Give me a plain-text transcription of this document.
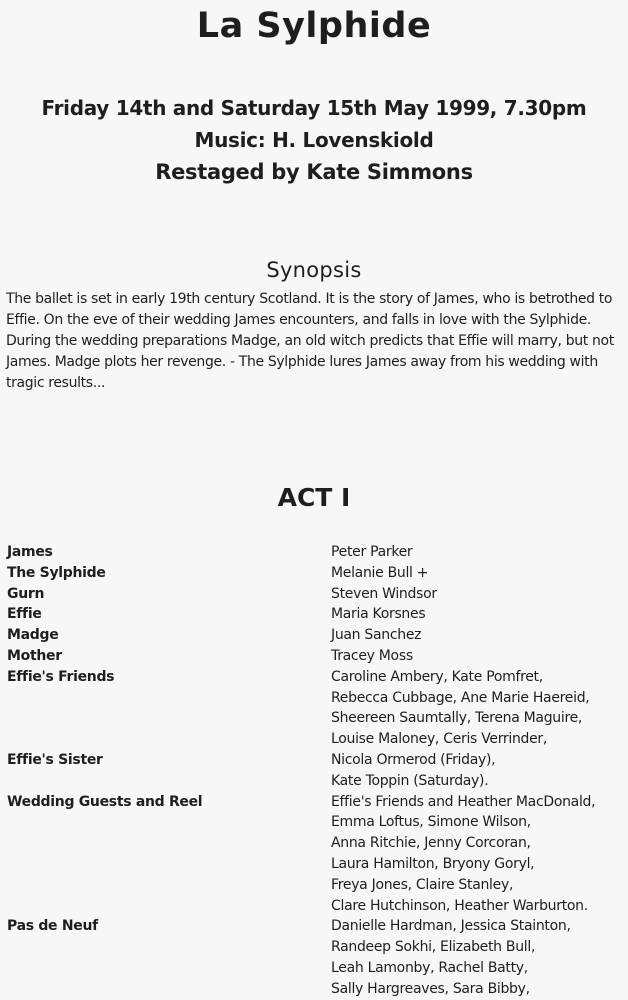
La Sylphide
Friday 14th and Saturday 15th May 1999, 7.30pm
Music: H. Lovenskiold
Restaged by Kate Simmons
Synopsis

The ballet is set in early 19th century Scotland. It is the story of James, who is betrothed to Effie. On the eve of their wedding James encounters, and falls in love with the Sylphide. During the wedding preparations Madge, an old witch predicts that Effie will marry, but not James. Madge plots her revenge. - The Sylphide lures James away from his wedding with tragic results...

ACT I
James	Peter Parker
The Sylphide	Melanie Bull +
Gurn	Steven Windsor
Effie	Maria Korsnes
Madge	Juan Sanchez
Mother	Tracey Moss
Effie's Friends	Caroline Ambery, Kate Pomfret,
Rebecca Cubbage, Ane Marie Haereid,
Sheereen Saumtally, Terena Maguire,
Louise Maloney, Ceris Verrinder,
Effie's Sister	Nicola Ormerod (Friday),
Kate Toppin (Saturday).
Wedding Guests and Reel	Effie's Friends and Heather MacDonald,
Emma Loftus, Simone Wilson,
Anna Ritchie, Jenny Corcoran,
Laura Hamilton, Bryony Goryl,
Freya Jones, Claire Stanley,
Clare Hutchinson, Heather Warburton.
Pas de Neuf	Danielle Hardman, Jessica Stainton,
Randeep Sokhi, Elizabeth Bull,
Leah Lamonby, Rachel Batty,
Sally Hargreaves, Sara Bibby,
